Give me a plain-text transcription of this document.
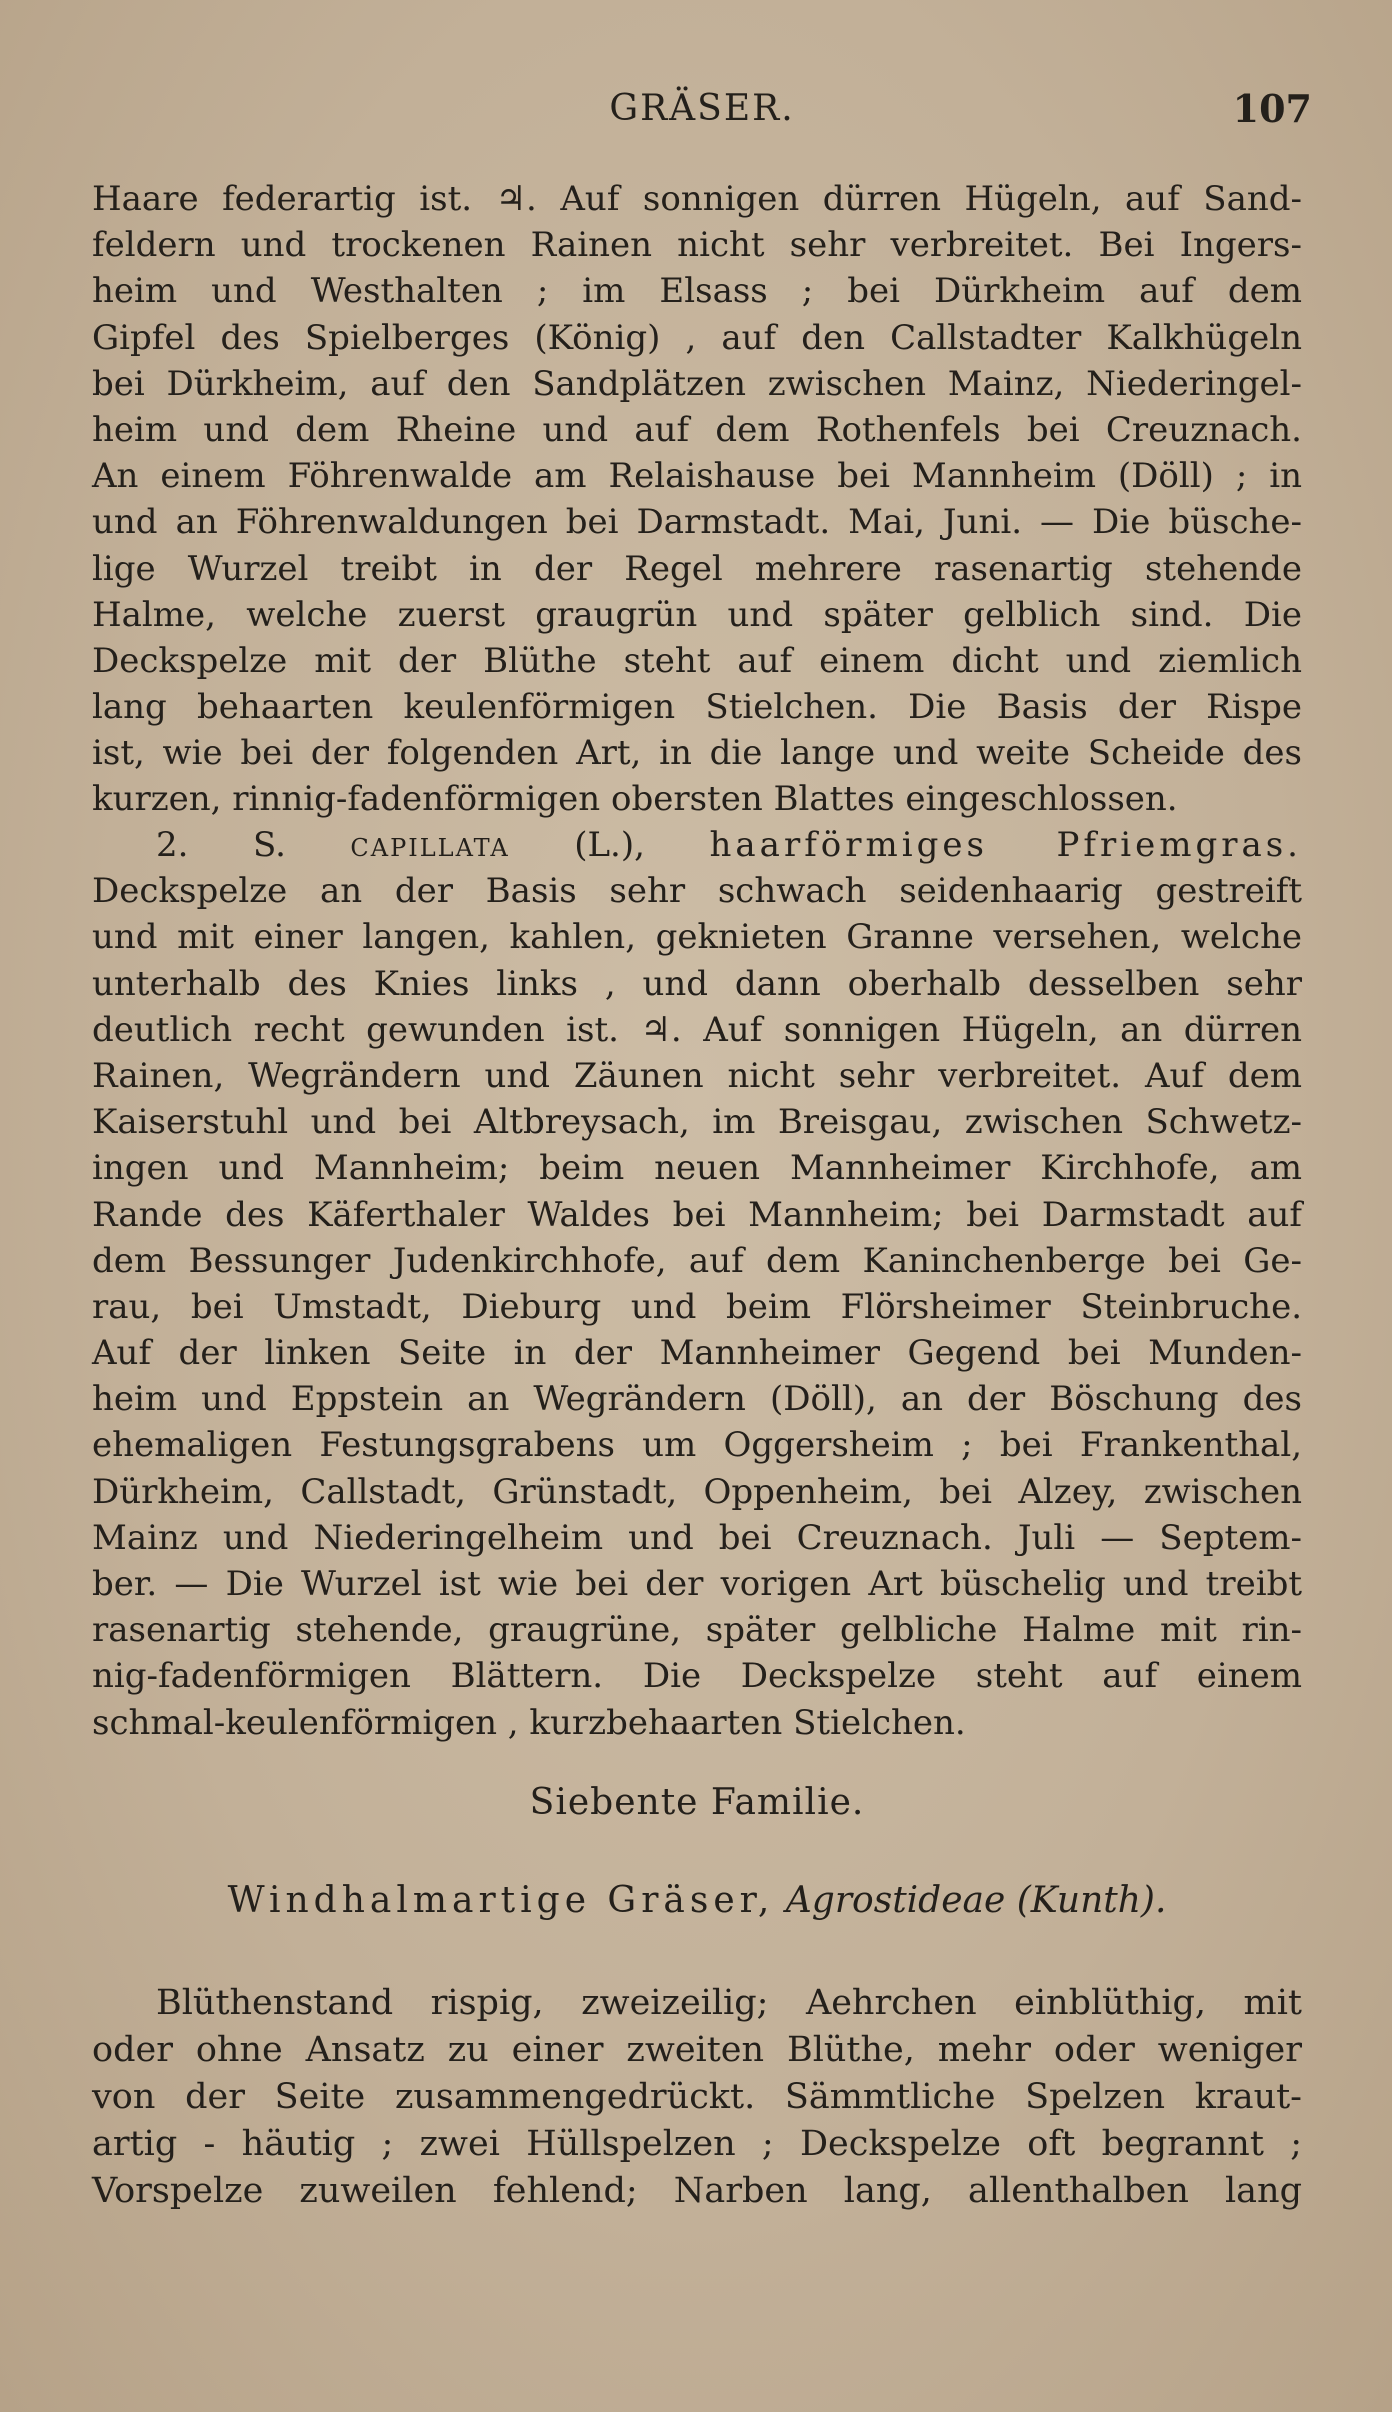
GRÄSER.	107
Haare federartig ist. ♃. Auf sonnigen dürren Hügeln, auf Sand-
feldern und trockenen Rainen nicht sehr verbreitet. Bei Ingers-
heim und Westhalten ; im Elsass ; bei Dürkheim auf dem
Gipfel des Spielberges (König) , auf den Callstadter Kalkhügeln
bei Dürkheim, auf den Sandplätzen zwischen Mainz, Niederingel-
heim und dem Rheine und auf dem Rothenfels bei Creuznach.
An einem Föhrenwalde am Relaishause bei Mannheim (Döll) ; in
und an Föhrenwaldungen bei Darmstadt. Mai, Juni. — Die büsche-
lige Wurzel treibt in der Regel mehrere rasenartig stehende
Halme, welche zuerst graugrün und später gelblich sind. Die
Deckspelze mit der Blüthe steht auf einem dicht und ziemlich
lang behaarten keulenförmigen Stielchen. Die Basis der Rispe
ist, wie bei der folgenden Art, in die lange und weite Scheide des
kurzen, rinnig-fadenförmigen obersten Blattes eingeschlossen.
2. S. capillata (L.), haarförmiges Pfriemgras.
Deckspelze an der Basis sehr schwach seidenhaarig gestreift
und mit einer langen, kahlen, geknieten Granne versehen, welche
unterhalb des Knies links , und dann oberhalb desselben sehr
deutlich recht gewunden ist. ♃. Auf sonnigen Hügeln, an dürren
Rainen, Wegrändern und Zäunen nicht sehr verbreitet. Auf dem
Kaiserstuhl und bei Altbreysach, im Breisgau, zwischen Schwetz-
ingen und Mannheim; beim neuen Mannheimer Kirchhofe, am
Rande des Käferthaler Waldes bei Mannheim; bei Darmstadt auf
dem Bessunger Judenkirchhofe, auf dem Kaninchenberge bei Ge-
rau, bei Umstadt, Dieburg und beim Flörsheimer Steinbruche.
Auf der linken Seite in der Mannheimer Gegend bei Munden-
heim und Eppstein an Wegrändern (Döll), an der Böschung des
ehemaligen Festungsgrabens um Oggersheim ; bei Frankenthal,
Dürkheim, Callstadt, Grünstadt, Oppenheim, bei Alzey, zwischen
Mainz und Niederingelheim und bei Creuznach. Juli — Septem-
ber. — Die Wurzel ist wie bei der vorigen Art büschelig und treibt
rasenartig stehende, graugrüne, später gelbliche Halme mit rin-
nig-fadenförmigen Blättern. Die Deckspelze steht auf einem
schmal-keulenförmigen , kurzbehaarten Stielchen.
Siebente Familie.
Windhalmartige Gräser, Agrostideae (Kunth).
Blüthenstand rispig, zweizeilig; Aehrchen einblüthig, mit
oder ohne Ansatz zu einer zweiten Blüthe, mehr oder weniger
von der Seite zusammengedrückt. Sämmtliche Spelzen kraut-
artig - häutig ; zwei Hüllspelzen ; Deckspelze oft begrannt ;
Vorspelze zuweilen fehlend; Narben lang, allenthalben lang
